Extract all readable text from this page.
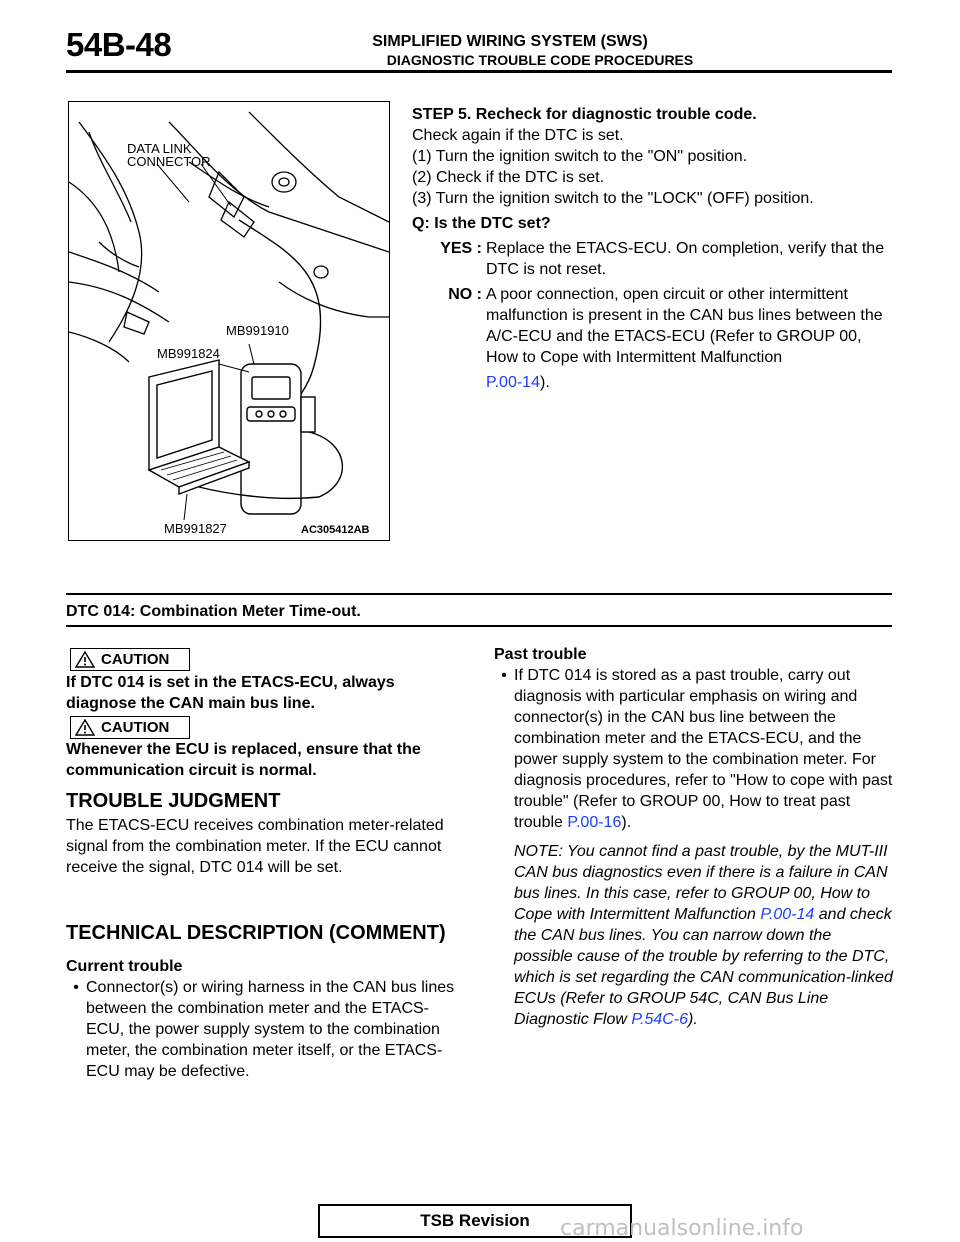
54B-48	SIMPLIFIED WIRING SYSTEM (SWS)
DIAGNOSTIC TROUBLE CODE PROCEDURES
DATA LINK
CONNECTOR
MB991910
MB991824
MB991827	AC305412AB
STEP 5. Recheck for diagnostic trouble code.
Check again if the DTC is set.
(1) Turn the ignition switch to the "ON" position.
(2) Check if the DTC is set.
(3) Turn the ignition switch to the "LOCK" (OFF) position.
Q: Is the DTC set?
YES : Replace the ETACS-ECU. On completion, verify that the DTC is not reset.
NO : A poor connection, open circuit or other intermittent malfunction is present in the CAN bus lines between the A/C-ECU and the ETACS-ECU (Refer to GROUP 00, How to Cope with Intermittent Malfunction
P.00-14).
DTC 014: Combination Meter Time-out.
CAUTION
If DTC 014 is set in the ETACS-ECU, always diagnose the CAN main bus line.
CAUTION
Whenever the ECU is replaced, ensure that the communication circuit is normal.
TROUBLE JUDGMENT
The ETACS-ECU receives combination meter-related signal from the combination meter. If the ECU cannot receive the signal, DTC 014 will be set.
TECHNICAL DESCRIPTION (COMMENT)
Current trouble
• Connector(s) or wiring harness in the CAN bus lines between the combination meter and the ETACS-ECU, the power supply system to the combination meter, the combination meter itself, or the ETACS-ECU may be defective.
Past trouble
• If DTC 014 is stored as a past trouble, carry out diagnosis with particular emphasis on wiring and connector(s) in the CAN bus line between the combination meter and the ETACS-ECU, and the power supply system to the combination meter. For diagnosis procedures, refer to "How to cope with past trouble" (Refer to GROUP 00, How to treat past trouble P.00-16).
NOTE: You cannot find a past trouble, by the MUT-III CAN bus diagnostics even if there is a failure in CAN bus lines. In this case, refer to GROUP 00, How to Cope with Intermittent Malfunction P.00-14 and check the CAN bus lines. You can narrow down the possible cause of the trouble by referring to the DTC, which is set regarding the CAN communication-linked ECUs (Refer to GROUP 54C, CAN Bus Line Diagnostic Flow P.54C-6).
TSB Revision	carmanualsonline.info
